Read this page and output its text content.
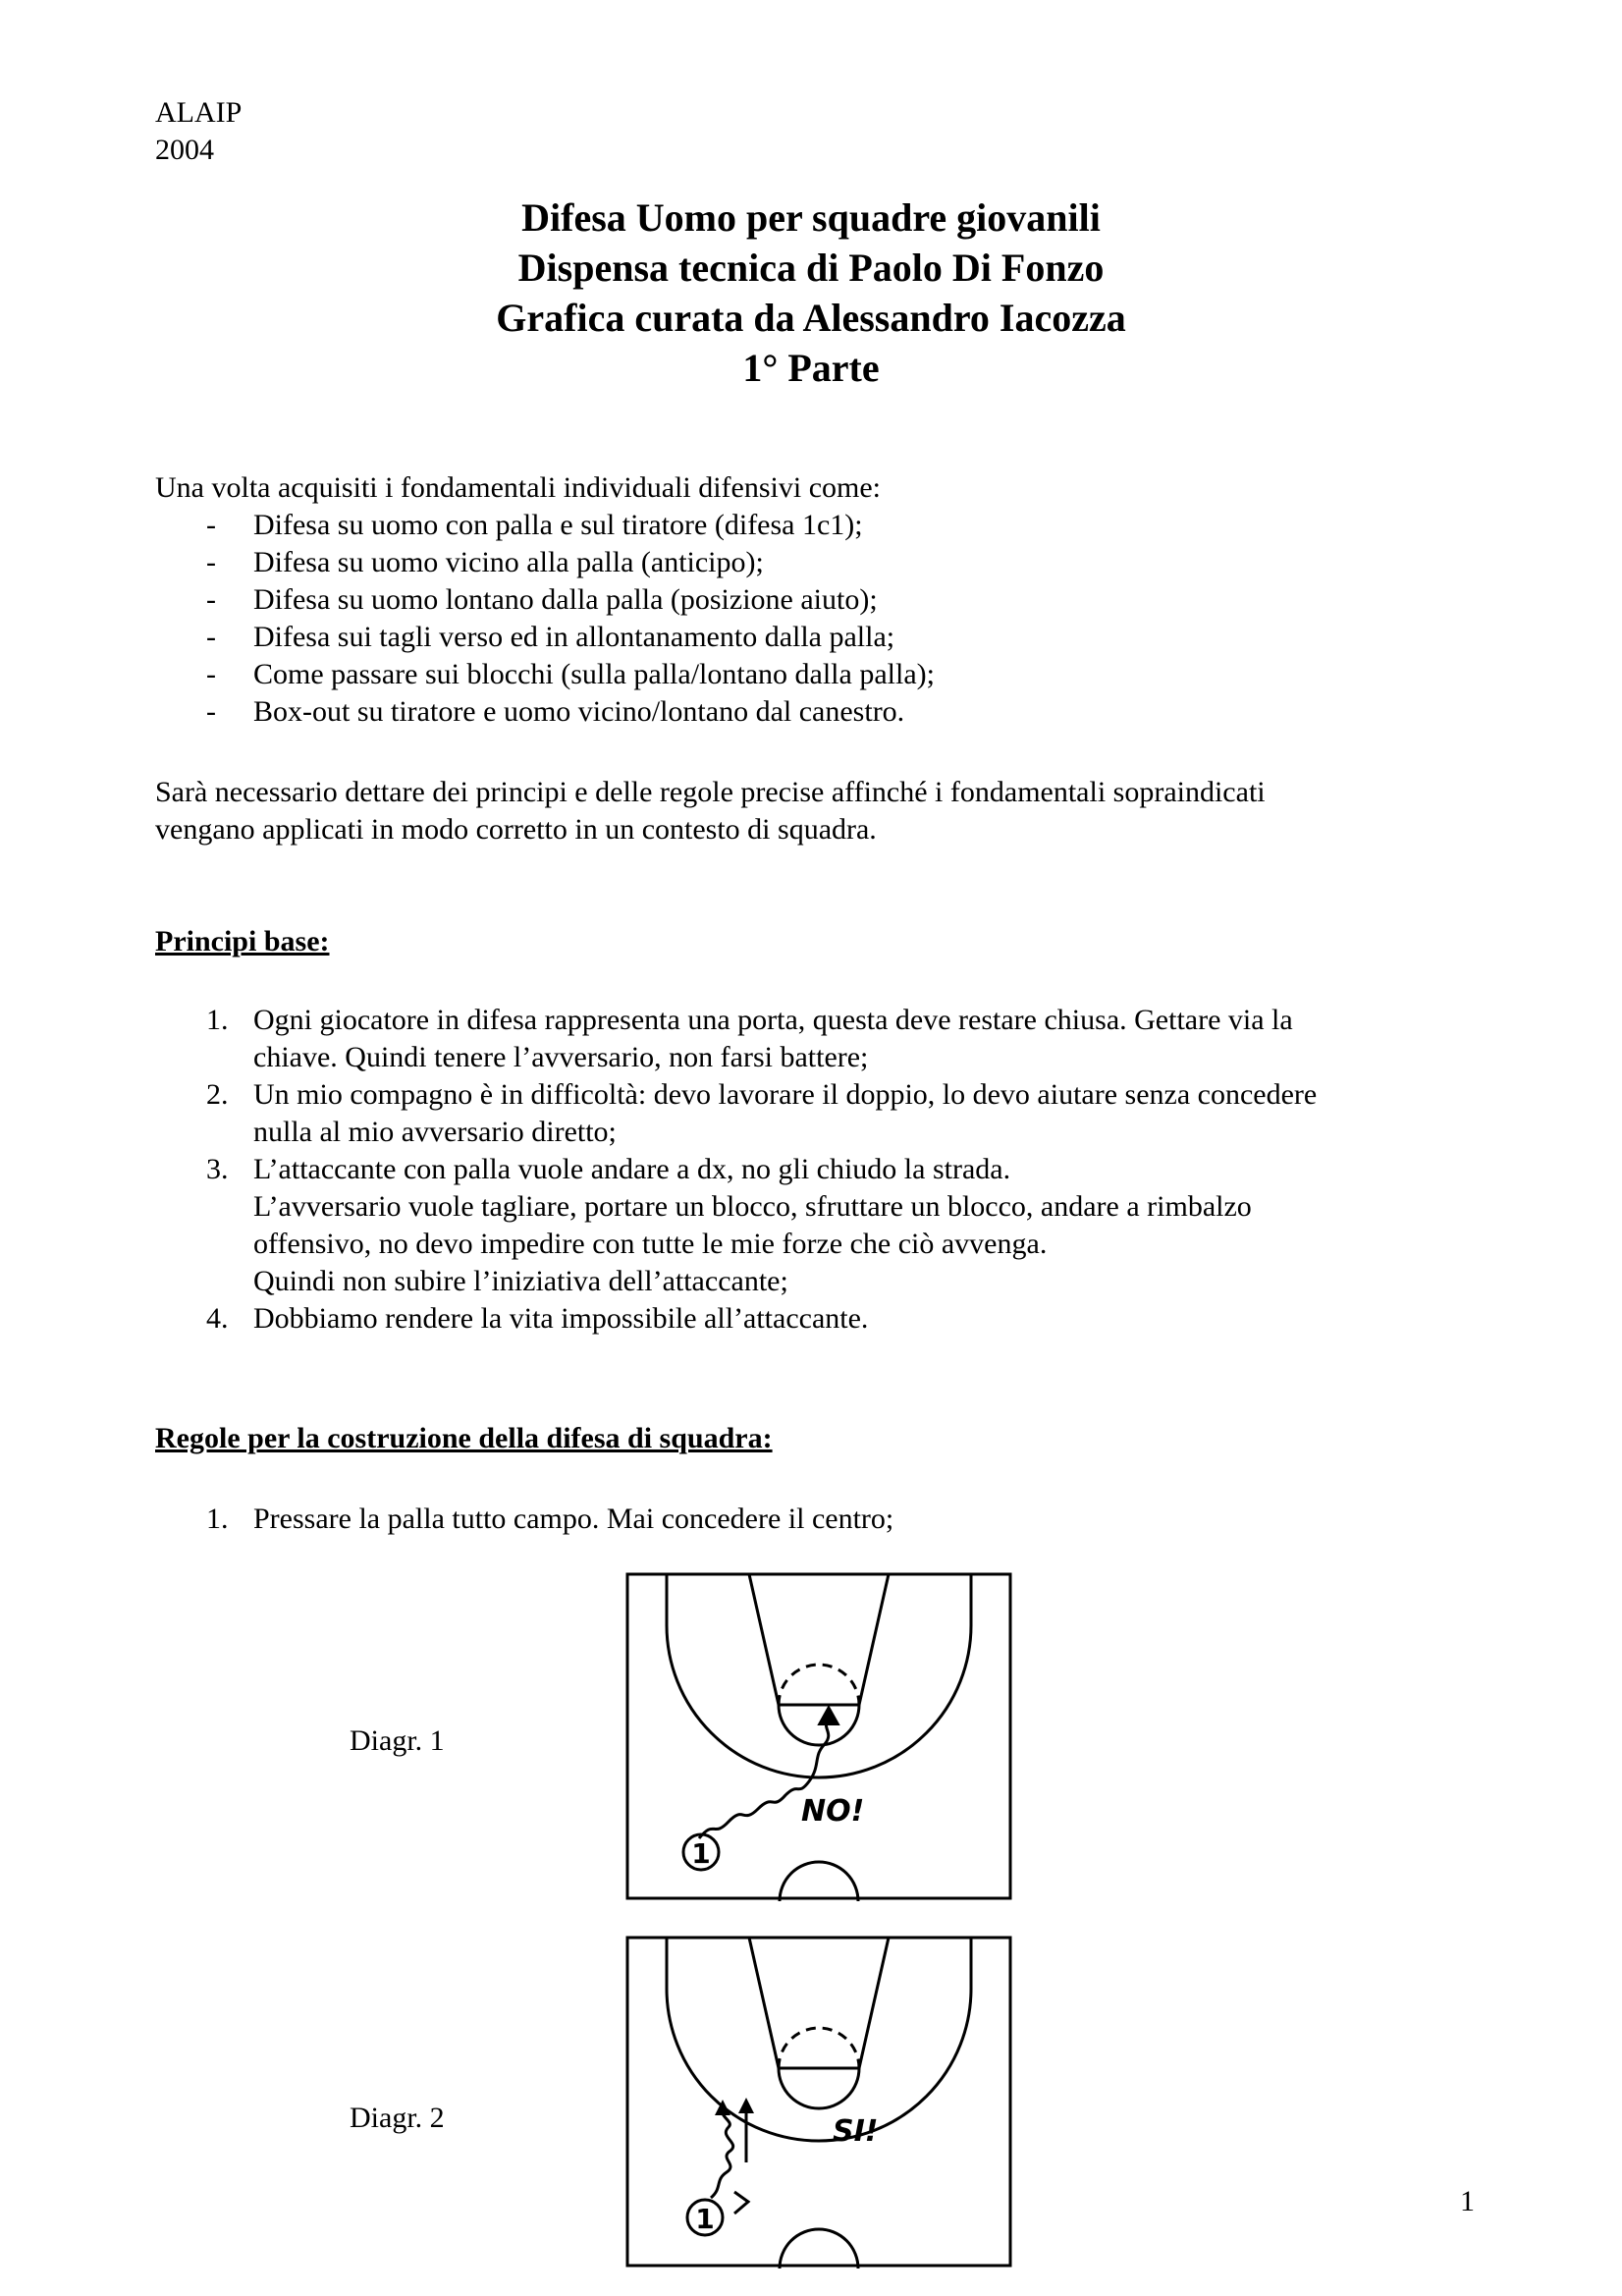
ALAIP
2004
Difesa Uomo per squadre giovanili
Dispensa tecnica di Paolo Di Fonzo
Grafica curata da Alessandro Iacozza
1° Parte
Una volta acquisiti i fondamentali individuali difensivi come:
- Difesa su uomo con palla e sul tiratore (difesa 1c1);
- Difesa su uomo vicino alla palla (anticipo);
- Difesa su uomo lontano dalla palla (posizione aiuto);
- Difesa sui tagli verso ed in allontanamento dalla palla;
- Come passare sui blocchi (sulla palla/lontano dalla palla);
- Box-out su tiratore e uomo vicino/lontano dal canestro.
Sarà necessario dettare dei principi e delle regole precise affinché i fondamentali sopraindicati
vengano applicati in modo corretto in un contesto di squadra.
Principi base:
1. Ogni giocatore in difesa rappresenta una porta, questa deve restare chiusa. Gettare via la
chiave. Quindi tenere l’avversario, non farsi battere;
2. Un mio compagno è in difficoltà: devo lavorare il doppio, lo devo aiutare senza concedere
nulla al mio avversario diretto;
3. L’attaccante con palla vuole andare a dx, no gli chiudo la strada.
L’avversario vuole tagliare, portare un blocco, sfruttare un blocco, andare a rimbalzo
offensivo, no devo impedire con tutte le mie forze che ciò avvenga.
Quindi non subire l’iniziativa dell’attaccante;
4. Dobbiamo rendere la vita impossibile all’attaccante.
Regole per la costruzione della difesa di squadra:
1. Pressare la palla tutto campo. Mai concedere il centro;
Diagr. 1
1
NO!
Diagr. 2
1
SI!
1
